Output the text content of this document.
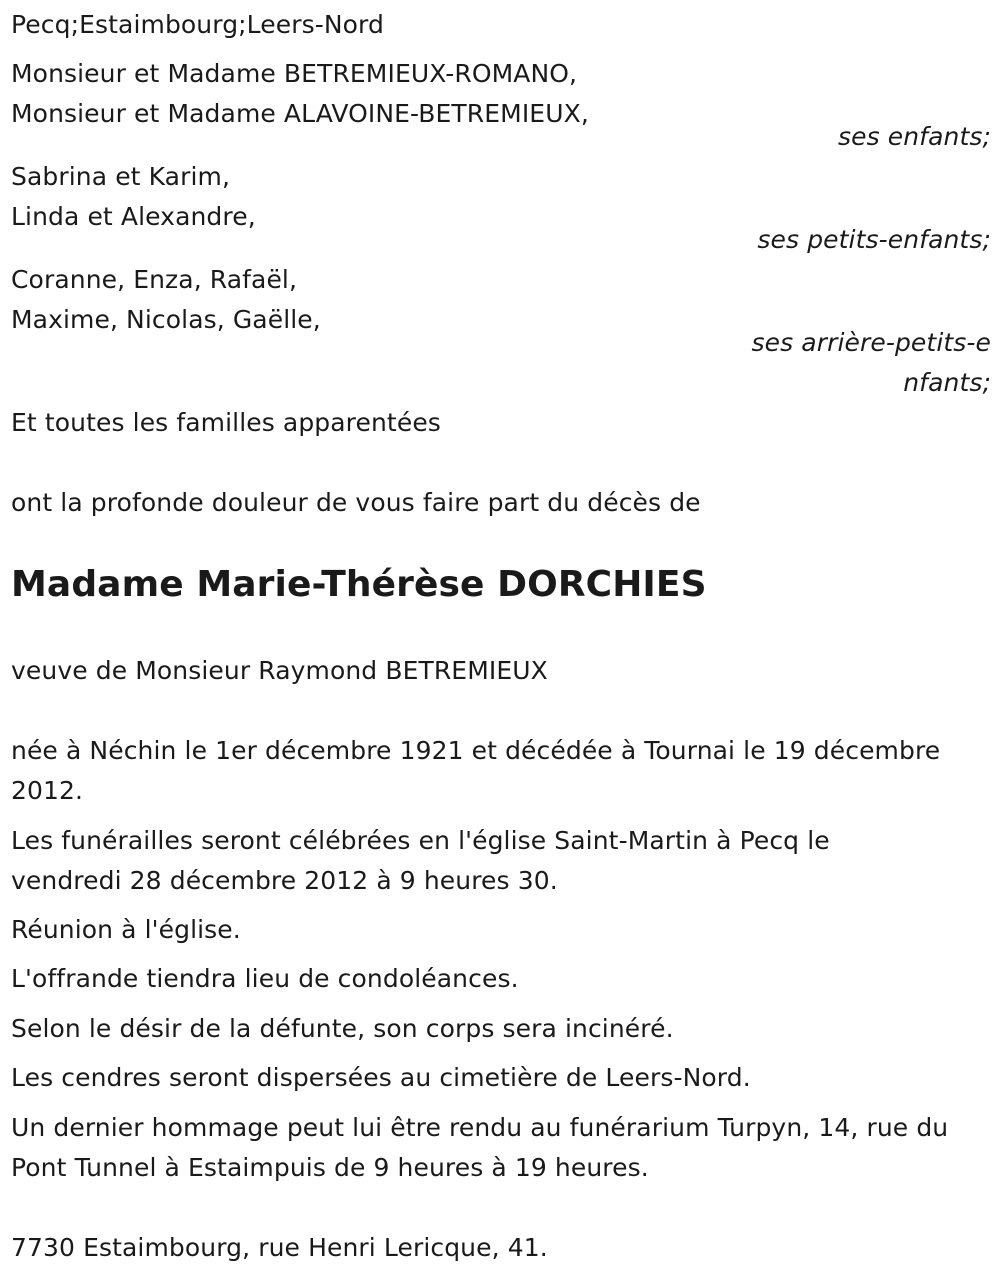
Pecq;Estaimbourg;Leers-Nord
Monsieur et Madame BETREMIEUX-ROMANO,
Monsieur et Madame ALAVOINE-BETREMIEUX,
ses enfants;
Sabrina et Karim,
Linda et Alexandre,
ses petits-enfants;
Coranne, Enza, Rafaël,
Maxime, Nicolas, Gaëlle,
ses arrière-petits-enfants;
Et toutes les familles apparentées
ont la profonde douleur de vous faire part du décès de
Madame Marie-Thérèse DORCHIES
veuve de Monsieur Raymond BETREMIEUX
née à Néchin le 1er décembre 1921 et décédée à Tournai le 19 décembre 2012.
Les funérailles seront célébrées en l'église Saint-Martin à Pecq le vendredi 28 décembre 2012 à 9 heures 30.
Réunion à l'église.
L'offrande tiendra lieu de condoléances.
Selon le désir de la défunte, son corps sera incinéré.
Les cendres seront dispersées au cimetière de Leers-Nord.
Un dernier hommage peut lui être rendu au funérarium Turpyn, 14, rue du Pont Tunnel à Estaimpuis de 9 heures à 19 heures.
7730 Estaimbourg, rue Henri Lericque, 41.
